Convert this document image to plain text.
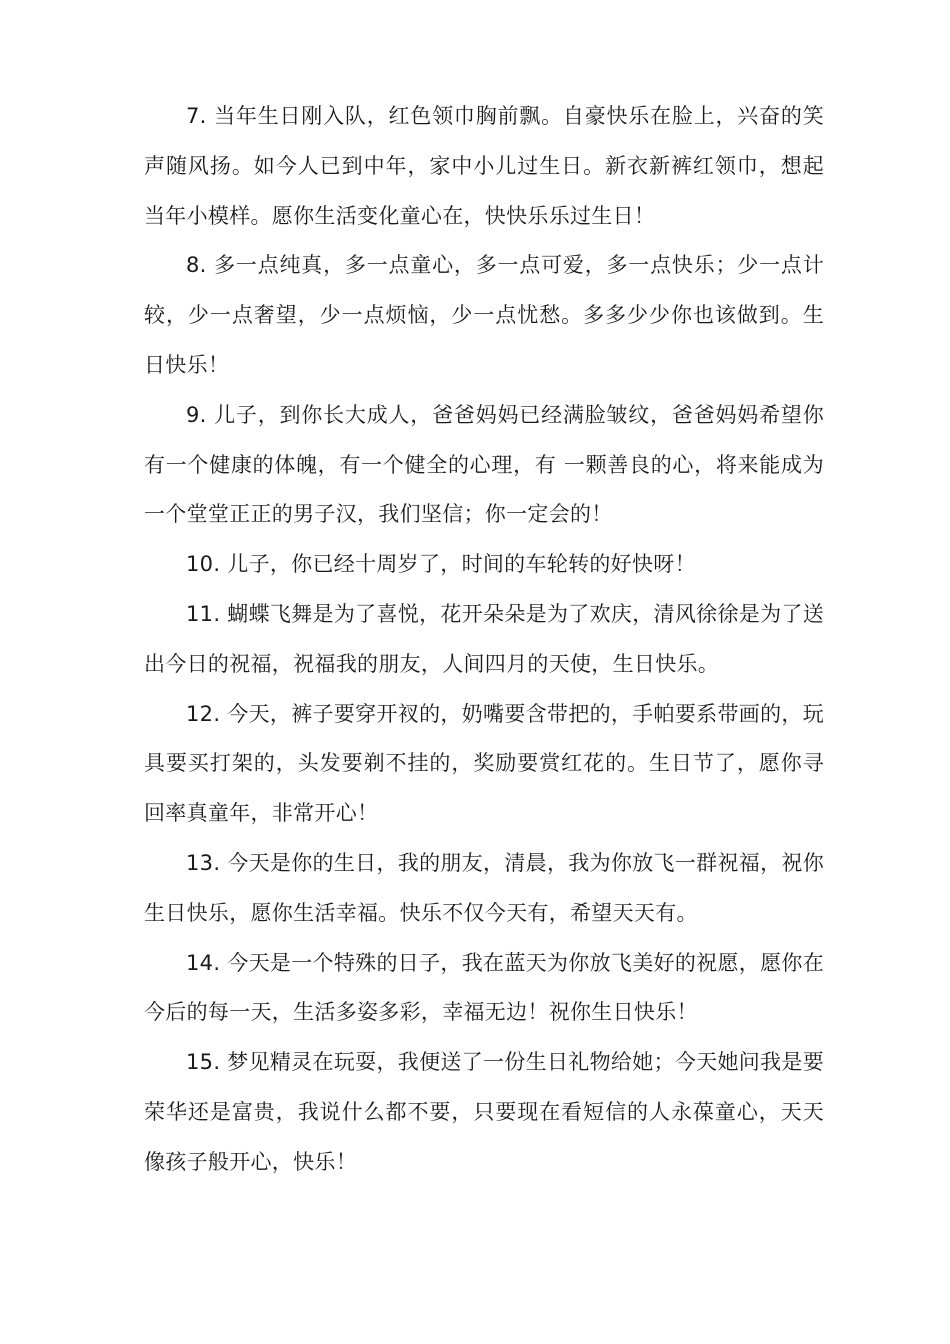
7. 当年生日刚入队，红色领巾胸前飘。自豪快乐在脸上，兴奋的笑声随风扬。如今人已到中年，家中小儿过生日。新衣新裤红领巾，想起当年小模样。愿你生活变化童心在，快快乐乐过生日！

8. 多一点纯真，多一点童心，多一点可爱，多一点快乐；少一点计较，少一点奢望，少一点烦恼，少一点忧愁。多多少少你也该做到。生日快乐！

9. 儿子，到你长大成人，爸爸妈妈已经满脸皱纹，爸爸妈妈希望你有一个健康的体魄，有一个健全的心理，有 一颗善良的心，将来能成为一个堂堂正正的男子汉，我们坚信；你一定会的！

10. 儿子，你已经十周岁了，时间的车轮转的好快呀！

11. 蝴蝶飞舞是为了喜悦，花开朵朵是为了欢庆，清风徐徐是为了送出今日的祝福，祝福我的朋友，人间四月的天使，生日快乐。

12. 今天，裤子要穿开衩的，奶嘴要含带把的，手帕要系带画的，玩具要买打架的，头发要剃不挂的，奖励要赏红花的。生日节了，愿你寻回率真童年，非常开心！

13. 今天是你的生日，我的朋友，清晨，我为你放飞一群祝福，祝你生日快乐，愿你生活幸福。快乐不仅今天有，希望天天有。

14. 今天是一个特殊的日子，我在蓝天为你放飞美好的祝愿，愿你在今后的每一天，生活多姿多彩，幸福无边！祝你生日快乐！

15. 梦见精灵在玩耍，我便送了一份生日礼物给她；今天她问我是要荣华还是富贵，我说什么都不要，只要现在看短信的人永葆童心，天天像孩子般开心，快乐！
